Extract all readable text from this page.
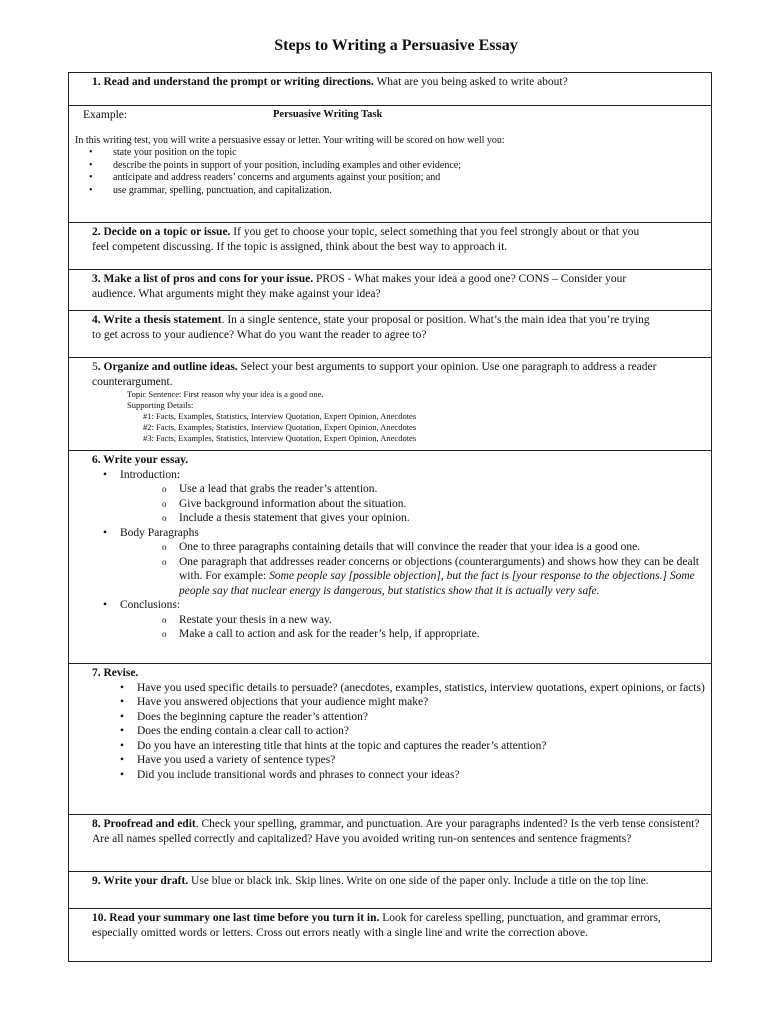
Steps to Writing a Persuasive Essay
1. Read and understand the prompt or writing directions. What are you being asked to write about?

Example:	Persuasive Writing Task
In this writing test, you will write a persuasive essay or letter. Your writing will be scored on how well you:
• state your position on the topic
• describe the points in support of your position, including examples and other evidence;
• anticipate and address readers’ concerns and arguments against your position; and
• use grammar, spelling, punctuation, and capitalization.

2. Decide on a topic or issue. If you get to choose your topic, select something that you feel strongly about or that you
feel competent discussing. If the topic is assigned, think about the best way to approach it.

3. Make a list of pros and cons for your issue. PROS - What makes your idea a good one? CONS – Consider your
audience. What arguments might they make against your idea?

4. Write a thesis statement. In a single sentence, state your proposal or position. What’s the main idea that you’re trying
to get across to your audience? What do you want the reader to agree to?

5. Organize and outline ideas. Select your best arguments to support your opinion. Use one paragraph to address a reader
counterargument.
Topic Sentence: First reason why your idea is a good one.
Supporting Details:
#1: Facts, Examples, Statistics, Interview Quotation, Expert Opinion, Anecdotes
#2: Facts, Examples, Statistics, Interview Quotation, Expert Opinion, Anecdotes
#3: Facts, Examples, Statistics, Interview Quotation, Expert Opinion, Anecdotes

6. Write your essay.
• Introduction:
o Use a lead that grabs the reader’s attention.
o Give background information about the situation.
o Include a thesis statement that gives your opinion.
• Body Paragraphs
o One to three paragraphs containing details that will convince the reader that your idea is a good one.
o One paragraph that addresses reader concerns or objections (counterarguments) and shows how they can be dealt with. For example: Some people say [possible objection], but the fact is [your response to the objections.] Some people say that nuclear energy is dangerous, but statistics show that it is actually very safe.
• Conclusions:
o Restate your thesis in a new way.
o Make a call to action and ask for the reader’s help, if appropriate.

7. Revise.
• Have you used specific details to persuade? (anecdotes, examples, statistics, interview quotations, expert opinions, or facts)
• Have you answered objections that your audience might make?
• Does the beginning capture the reader’s attention?
• Does the ending contain a clear call to action?
• Do you have an interesting title that hints at the topic and captures the reader’s attention?
• Have you used a variety of sentence types?
• Did you include transitional words and phrases to connect your ideas?

8. Proofread and edit. Check your spelling, grammar, and punctuation. Are your paragraphs indented? Is the verb tense consistent? Are all names spelled correctly and capitalized? Have you avoided writing run-on sentences and sentence fragments?

9. Write your draft. Use blue or black ink. Skip lines. Write on one side of the paper only. Include a title on the top line.

10. Read your summary one last time before you turn it in. Look for careless spelling, punctuation, and grammar errors, especially omitted words or letters. Cross out errors neatly with a single line and write the correction above.
